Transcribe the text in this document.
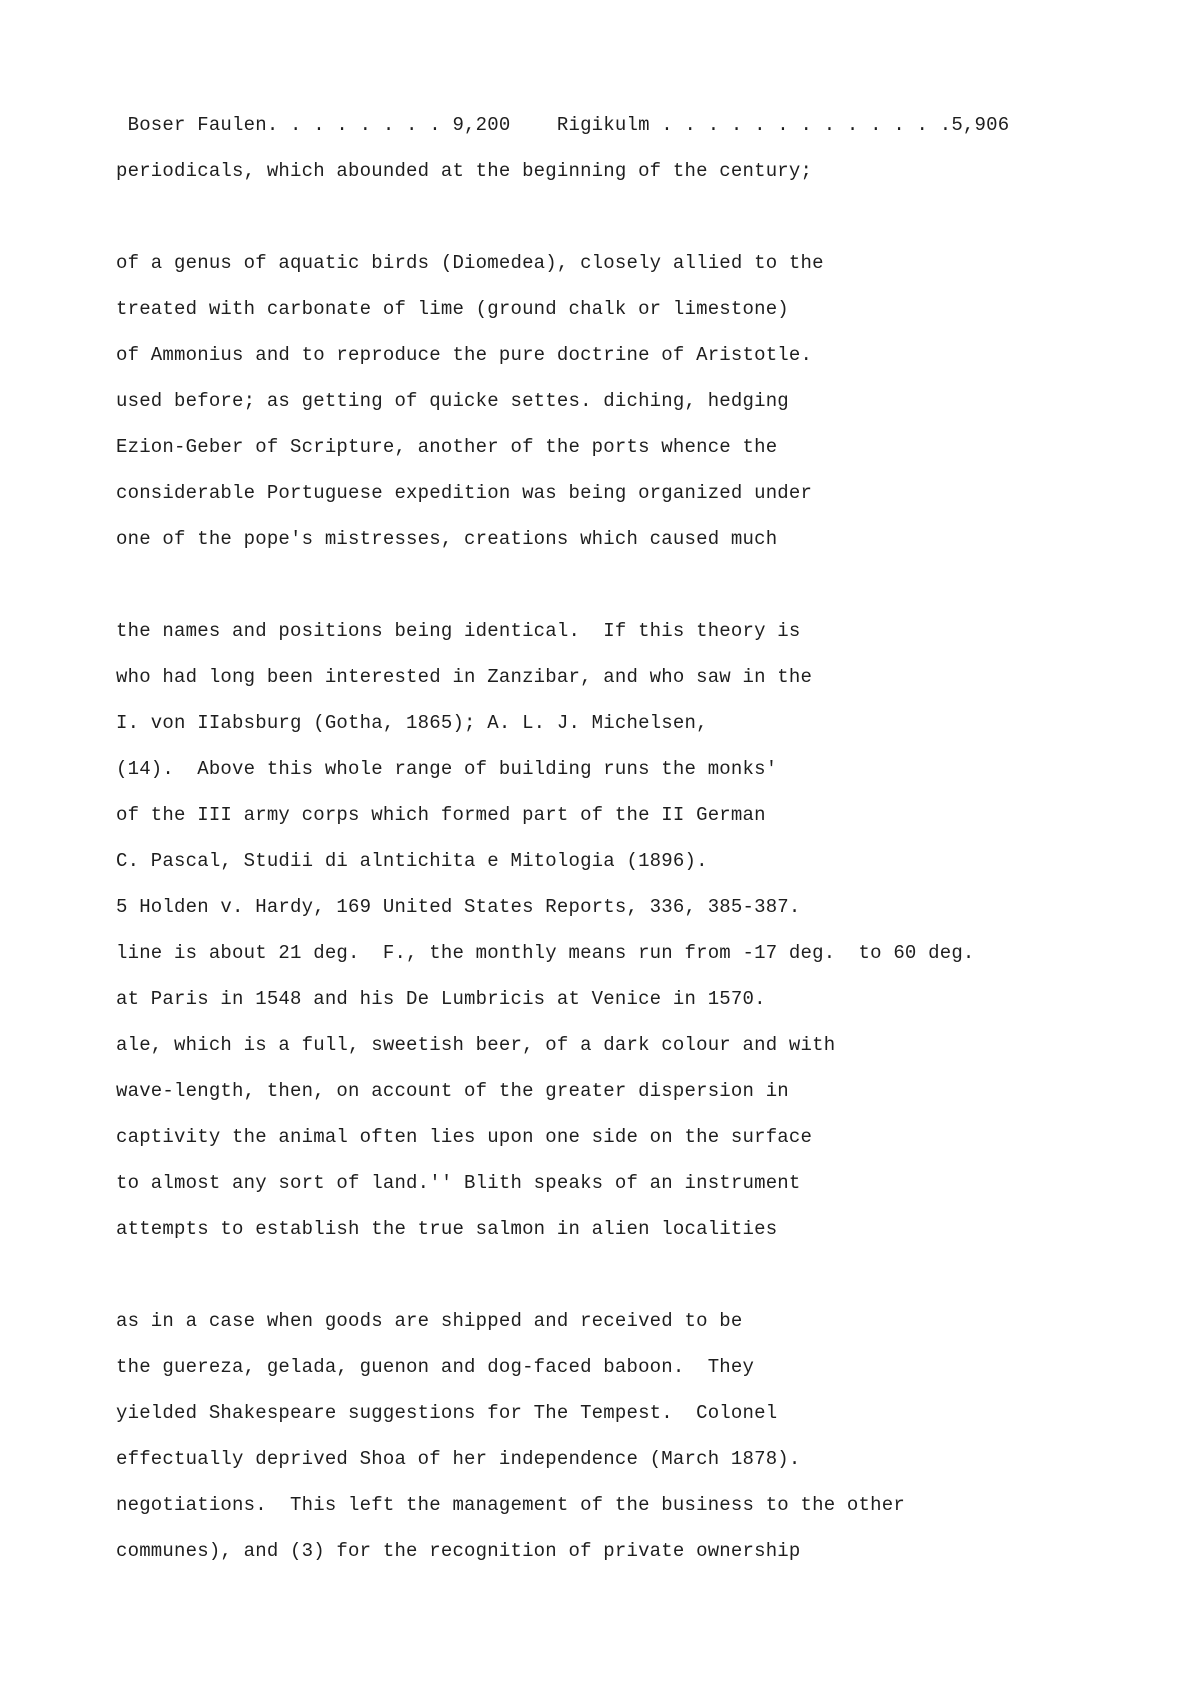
Boser Faulen. . . . . . . . 9,200    Rigikulm . . . . . . . . . . . . .5,906

periodicals, which abounded at the beginning of the century;

of a genus of aquatic birds (Diomedea), closely allied to the

treated with carbonate of lime (ground chalk or limestone)

of Ammonius and to reproduce the pure doctrine of Aristotle.

used before; as getting of quicke settes. diching, hedging

Ezion-Geber of Scripture, another of the ports whence the

considerable Portuguese expedition was being organized under

one of the pope's mistresses, creations which caused much

the names and positions being identical.  If this theory is

who had long been interested in Zanzibar, and who saw in the

I. von IIabsburg (Gotha, 1865); A. L. J. Michelsen,

(14).  Above this whole range of building runs the monks'

of the III army corps which formed part of the II German

C. Pascal, Studii di alntichita e Mitologia (1896).

5 Holden v. Hardy, 169 United States Reports, 336, 385-387.

line is about 21 deg.  F., the monthly means run from -17 deg.  to 60 deg.

at Paris in 1548 and his De Lumbricis at Venice in 1570.

ale, which is a full, sweetish beer, of a dark colour and with

wave-length, then, on account of the greater dispersion in

captivity the animal often lies upon one side on the surface

to almost any sort of land.'' Blith speaks of an instrument

attempts to establish the true salmon in alien localities

as in a case when goods are shipped and received to be

the guereza, gelada, guenon and dog-faced baboon.  They

yielded Shakespeare suggestions for The Tempest.  Colonel

effectually deprived Shoa of her independence (March 1878).

negotiations.  This left the management of the business to the other

communes), and (3) for the recognition of private ownership
